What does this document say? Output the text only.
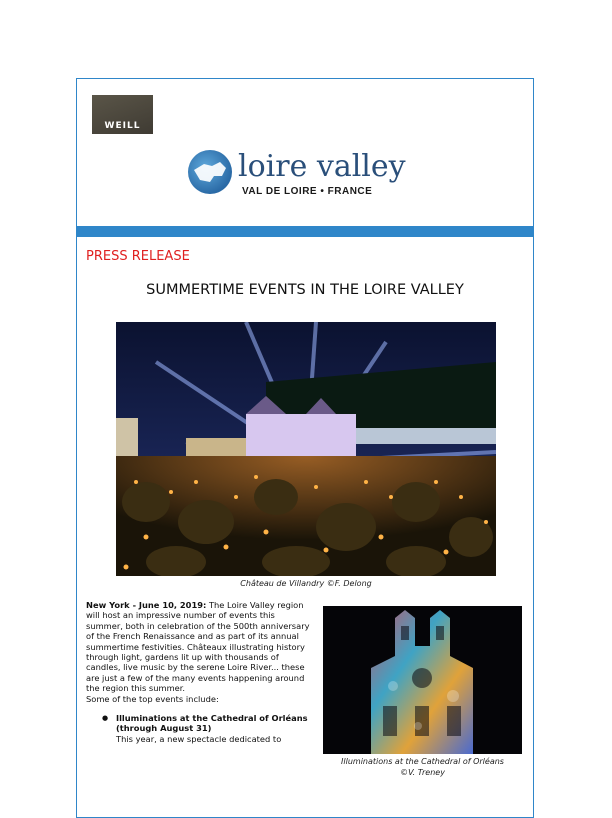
WEILL
loire valley
VAL DE LOIRE • FRANCE
PRESS RELEASE
SUMMERTIME EVENTS IN THE LOIRE VALLEY
Château de Villandry ©F. Delong

New York - June 10, 2019: The Loire Valley region will host an impressive number of events this summer, both in celebration of the 500th anniversary of the French Renaissance and as part of its annual summertime festivities. Châteaux illustrating history through light, gardens lit up with thousands of candles, live music by the serene Loire River... these are just a few of the many events happening around the region this summer.

Some of the top events include:

● Illuminations at the Cathedral of Orléans (through August 31)
This year, a new spectacle dedicated to
Illuminations at the Cathedral of Orléans
©V. Treney
